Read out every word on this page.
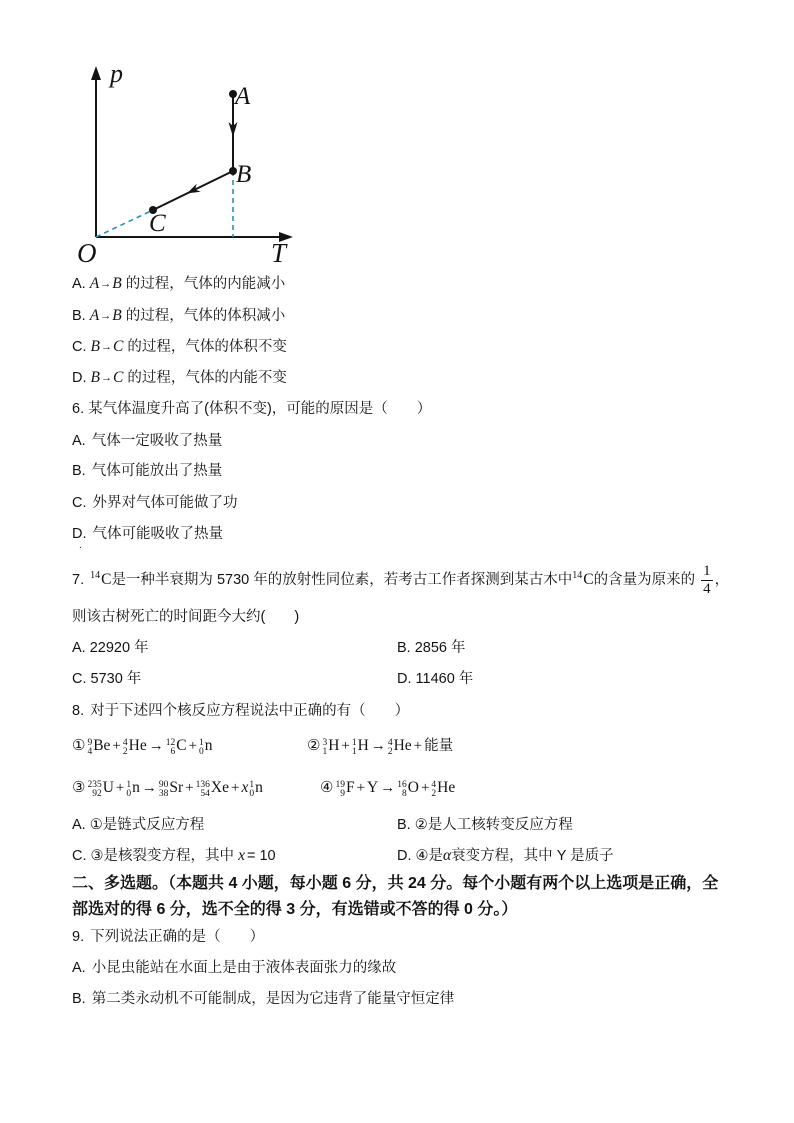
p
A
B
C
O	T
A. A→B 的过程，气体的内能减小
B. A→B 的过程，气体的体积减小
C. B→C 的过程，气体的体积不变
D. B→C 的过程，气体的内能不变
6. 某气体温度升高了(体积不变)，可能的原因是（　　）
A. 气体一定吸收了热量
B. 气体可能放出了热量
C. 外界对气体可能做了功
D. 气体可能吸收了热量
.
7. $^{14}$C是一种半衰期为 5730 年的放射性同位素，若考古工作者探测到某古木中$^{14}$C的含量为原来的 $\frac{1}{4}$ ，
则该古树死亡的时间距今大约(　　)
A. 22920 年	B. 2856 年
C. 5730 年	D. 11460 年
8. 对于下述四个核反应方程说法中正确的有（　　）
① 9
4 Be + 4
2 He → 12
6 C + 1
0 n	② 3
1 H + 1
1 H → 4
2 He + 能量
③ 235
92 U + 1
0 n → 90
38 Sr + 136
54 Xe + x 1
0 n	④ 19
9 F + Y → 16
8 O + 4
2 He
A. ①是链式反应方程	B. ②是人工核转变反应方程
C. ③是核裂变方程，其中 x = 10	D. ④是α衰变方程，其中 Y 是质子
二、多选题。（本题共 4 小题，每小题 6 分，共 24 分。每个小题有两个以上选项是正确，全
部选对的得 6 分，选不全的得 3 分，有选错或不答的得 0 分。）
9. 下列说法正确的是（　　）
A. 小昆虫能站在水面上是由于液体表面张力的缘故
B. 第二类永动机不可能制成，是因为它违背了能量守恒定律
